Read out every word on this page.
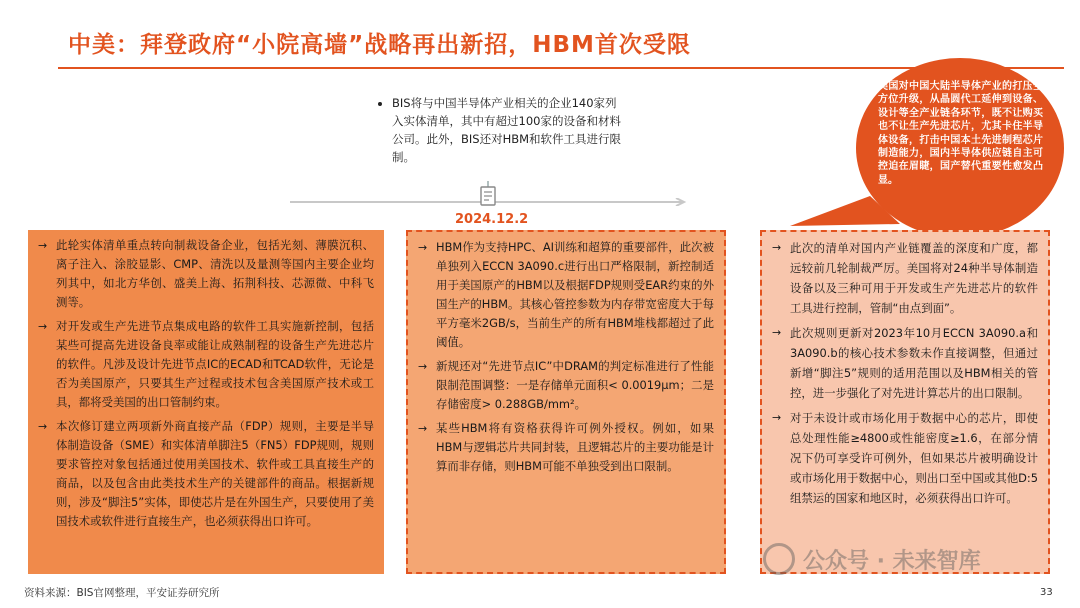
中美：拜登政府“小院高墙”战略再出新招，HBM首次受限
• BIS将与中国半导体产业相关的企业140家列入实体清单，其中有超过100家的设备和材料公司。此外，BIS还对HBM和软件工具进行限制。
2024.12.2
美国对中国大陆半导体产业的打压全方位升级，从晶圆代工延伸到设备、设计等全产业链各环节，既不让购买也不让生产先进芯片，尤其卡住半导体设备，打击中国本土先进制程芯片制造能力，国内半导体供应链自主可控迫在眉睫，国产替代重要性愈发凸显。
→ 此轮实体清单重点转向制裁设备企业，包括光刻、薄膜沉积、离子注入、涂胶显影、CMP、清洗以及量测等国内主要企业均列其中，如北方华创、盛美上海、拓荆科技、芯源微、中科飞测等。
→ 对开发或生产先进节点集成电路的软件工具实施新控制，包括某些可提高先进设备良率或能让成熟制程的设备生产先进芯片的软件。凡涉及设计先进节点IC的ECAD和TCAD软件，无论是否为美国原产，只要其生产过程或技术包含美国原产技术或工具，都将受美国的出口管制约束。
→ 本次修订建立两项新外商直接产品（FDP）规则，主要是半导体制造设备（SME）和实体清单脚注5（FN5）FDP规则，规则要求管控对象包括通过使用美国技术、软件或工具直接生产的商品，以及包含由此类技术生产的关键部件的商品。根据新规则，涉及“脚注5”实体，即使芯片是在外国生产，只要使用了美国技术或软件进行直接生产，也必须获得出口许可。
→ HBM作为支持HPC、AI训练和超算的重要部件，此次被单独列入ECCN 3A090.c进行出口严格限制，新控制适用于美国原产的HBM以及根据FDP规则受EAR约束的外国生产的HBM。其核心管控参数为内存带宽密度大于每平方毫米2GB/s，当前生产的所有HBM堆栈都超过了此阈值。
→ 新规还对“先进节点IC”中DRAM的判定标准进行了性能限制范围调整：一是存储单元面积< 0.0019μm；二是存储密度> 0.288GB/mm²。
→ 某些HBM将有资格获得许可例外授权。例如，如果HBM与逻辑芯片共同封装，且逻辑芯片的主要功能是计算而非存储，则HBM可能不单独受到出口限制。
→ 此次的清单对国内产业链覆盖的深度和广度，都远较前几轮制裁严厉。美国将对24种半导体制造设备以及三种可用于开发或生产先进芯片的软件工具进行控制，管制“由点到面”。
→ 此次规则更新对2023年10月ECCN 3A090.a和3A090.b的核心技术参数未作直接调整，但通过新增“脚注5”规则的适用范围以及HBM相关的管控，进一步强化了对先进计算芯片的出口限制。
→ 对于未设计或市场化用于数据中心的芯片，即使总处理性能≥4800或性能密度≥1.6，在部分情况下仍可享受许可例外，但如果芯片被明确设计或市场化用于数据中心，则出口至中国或其他D:5组禁运的国家和地区时，必须获得出口许可。
公众号 · 未来智库
资料来源：BIS官网整理，平安证券研究所	33
